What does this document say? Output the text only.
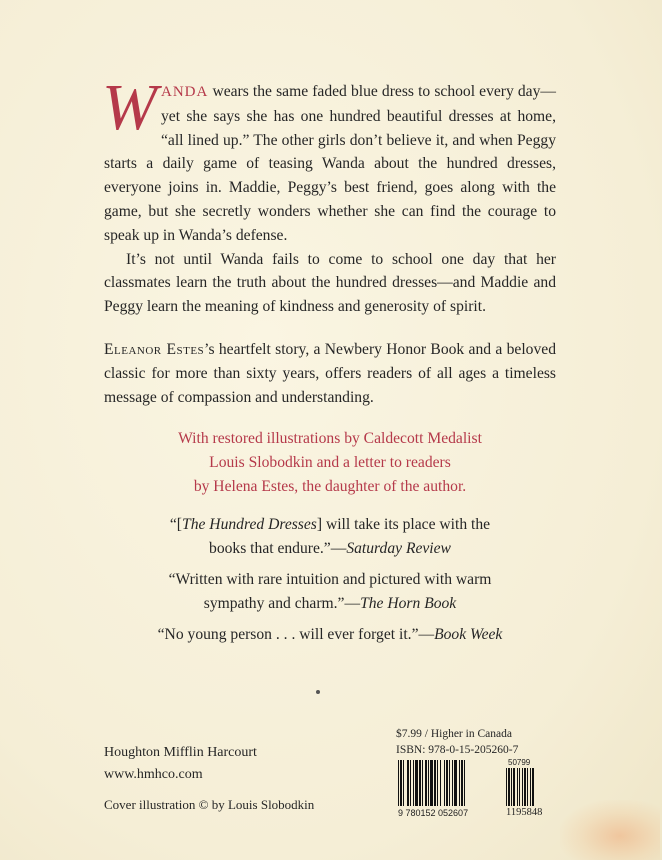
WANDA wears the same faded blue dress to school every day—yet she says she has one hundred beautiful dresses at home, “all lined up.” The other girls don’t believe it, and when Peggy starts a daily game of teasing Wanda about the hundred dresses, everyone joins in. Maddie, Peggy’s best friend, goes along with the game, but she secretly wonders whether she can find the courage to speak up in Wanda’s defense.

It’s not until Wanda fails to come to school one day that her classmates learn the truth about the hundred dresses—and Maddie and Peggy learn the meaning of kindness and generosity of spirit.

Eleanor Estes’s heartfelt story, a Newbery Honor Book and a beloved classic for more than sixty years, offers readers of all ages a timeless message of compassion and understanding.

With restored illustrations by Caldecott Medalist
Louis Slobodkin and a letter to readers
by Helena Estes, the daughter of the author.
“[The Hundred Dresses] will take its place with the
books that endure.”—Saturday Review
“Written with rare intuition and pictured with warm
sympathy and charm.”—The Horn Book
“No young person . . . will ever forget it.”—Book Week
Houghton Mifflin Harcourt
www.hmhco.com
Cover illustration © by Louis Slobodkin
$7.99 / Higher in Canada
ISBN: 978-0-15-205260-7
9 780152 052607
50799
1195848
